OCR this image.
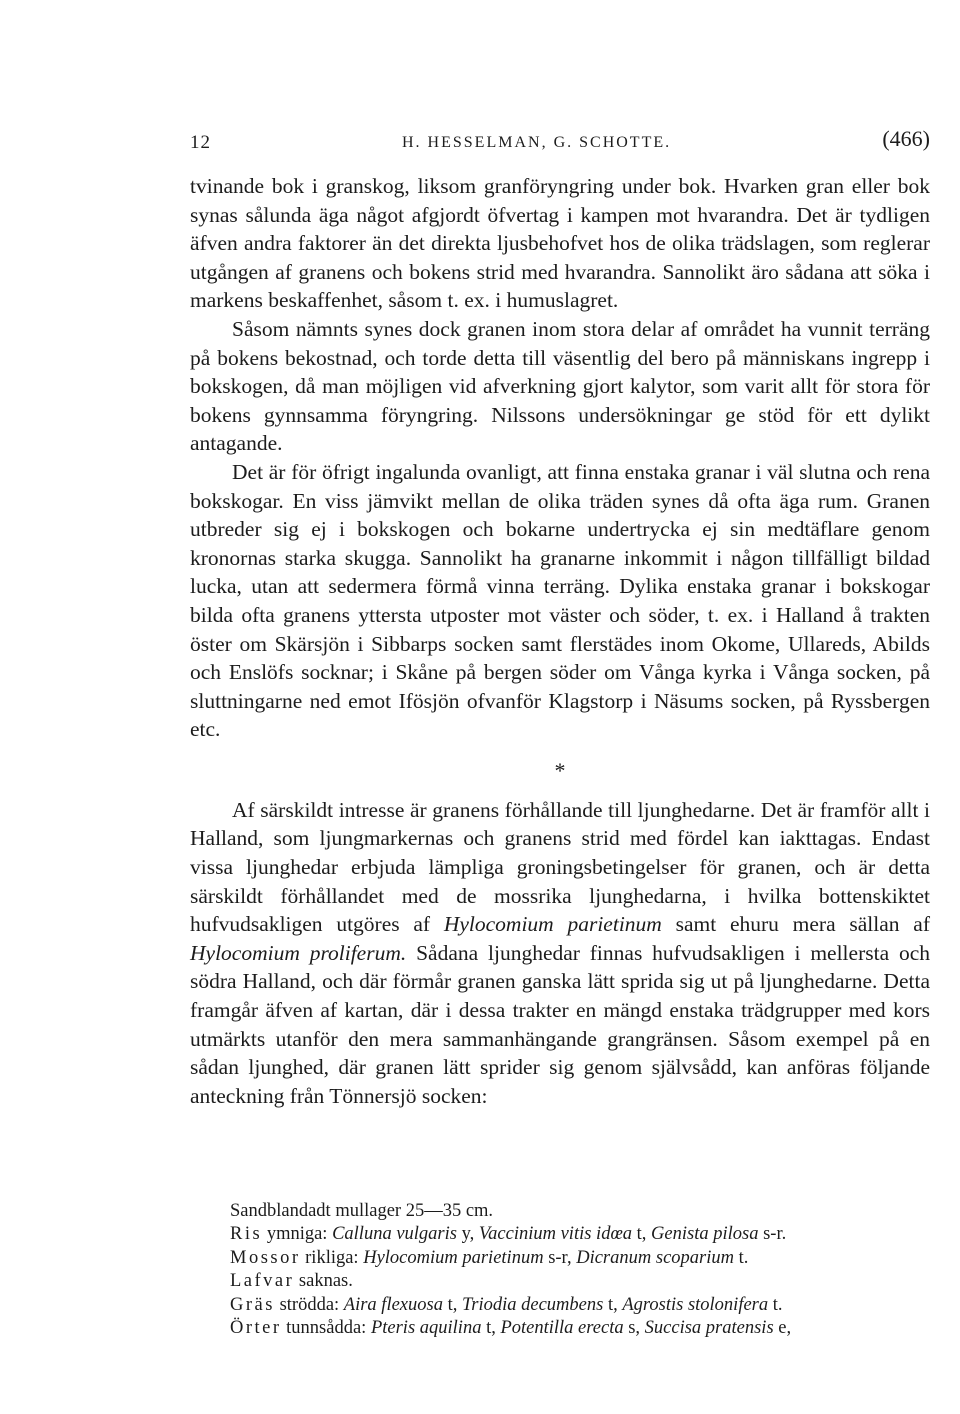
12	H. HESSELMAN, G. SCHOTTE.	(466)

tvinande bok i granskog, liksom granföryngring under bok. Hvarken gran eller bok synas sålunda äga något afgjordt öfvertag i kampen mot hvarandra. Det är tydligen äfven andra faktorer än det direkta ljusbehofvet hos de olika trädslagen, som reglerar utgången af granens och bokens strid med hvarandra. Sannolikt äro sådana att söka i markens beskaffenhet, såsom t. ex. i humuslagret.

Såsom nämnts synes dock granen inom stora delar af området ha vunnit terräng på bokens bekostnad, och torde detta till väsentlig del bero på människans ingrepp i bokskogen, då man möjligen vid afverkning gjort kalytor, som varit allt för stora för bokens gynnsamma föryngring. Nilssons undersökningar ge stöd för ett dylikt antagande.

Det är för öfrigt ingalunda ovanligt, att finna enstaka granar i väl slutna och rena bokskogar. En viss jämvikt mellan de olika träden synes då ofta äga rum. Granen utbreder sig ej i bokskogen och bokarne undertrycka ej sin medtäflare genom kronornas starka skugga. Sannolikt ha granarne inkommit i någon tillfälligt bildad lucka, utan att sedermera förmå vinna terräng. Dylika enstaka granar i bokskogar bilda ofta granens yttersta utposter mot väster och söder, t. ex. i Halland å trakten öster om Skärsjön i Sibbarps socken samt flerstädes inom Okome, Ullareds, Abilds och Enslöfs socknar; i Skåne på bergen söder om Vånga kyrka i Vånga socken, på sluttningarne ned emot Ifösjön ofvanför Klagstorp i Näsums socken, på Ryssbergen etc.

*

Af särskildt intresse är granens förhållande till ljunghedarne. Det är framför allt i Halland, som ljungmarkernas och granens strid med fördel kan iakttagas. Endast vissa ljunghedar erbjuda lämpliga groningsbetingelser för granen, och är detta särskildt förhållandet med de mossrika ljunghedarna, i hvilka bottenskiktet hufvudsakligen utgöres af Hylocomium parietinum samt ehuru mera sällan af Hylocomium proliferum. Sådana ljunghedar finnas hufvudsakligen i mellersta och södra Halland, och där förmår granen ganska lätt sprida sig ut på ljunghedarne. Detta framgår äfven af kartan, där i dessa trakter en mängd enstaka trädgrupper med kors utmärkts utanför den mera sammanhängande grangränsen. Såsom exempel på en sådan ljunghed, där granen lätt sprider sig genom självsådd, kan anföras följande anteckning från Tönnersjö socken:

Sandblandadt mullager 25—35 cm.
Ris ymniga: Calluna vulgaris y, Vaccinium vitis idœa t, Genista pilosa s-r.
Mossor rikliga: Hylocomium parietinum s-r, Dicranum scoparium t.
Lafvar saknas.
Gräs strödda: Aira flexuosa t, Triodia decumbens t, Agrostis stolonifera t.
Örter tunnsådda: Pteris aquilina t, Potentilla erecta s, Succisa pratensis e,
